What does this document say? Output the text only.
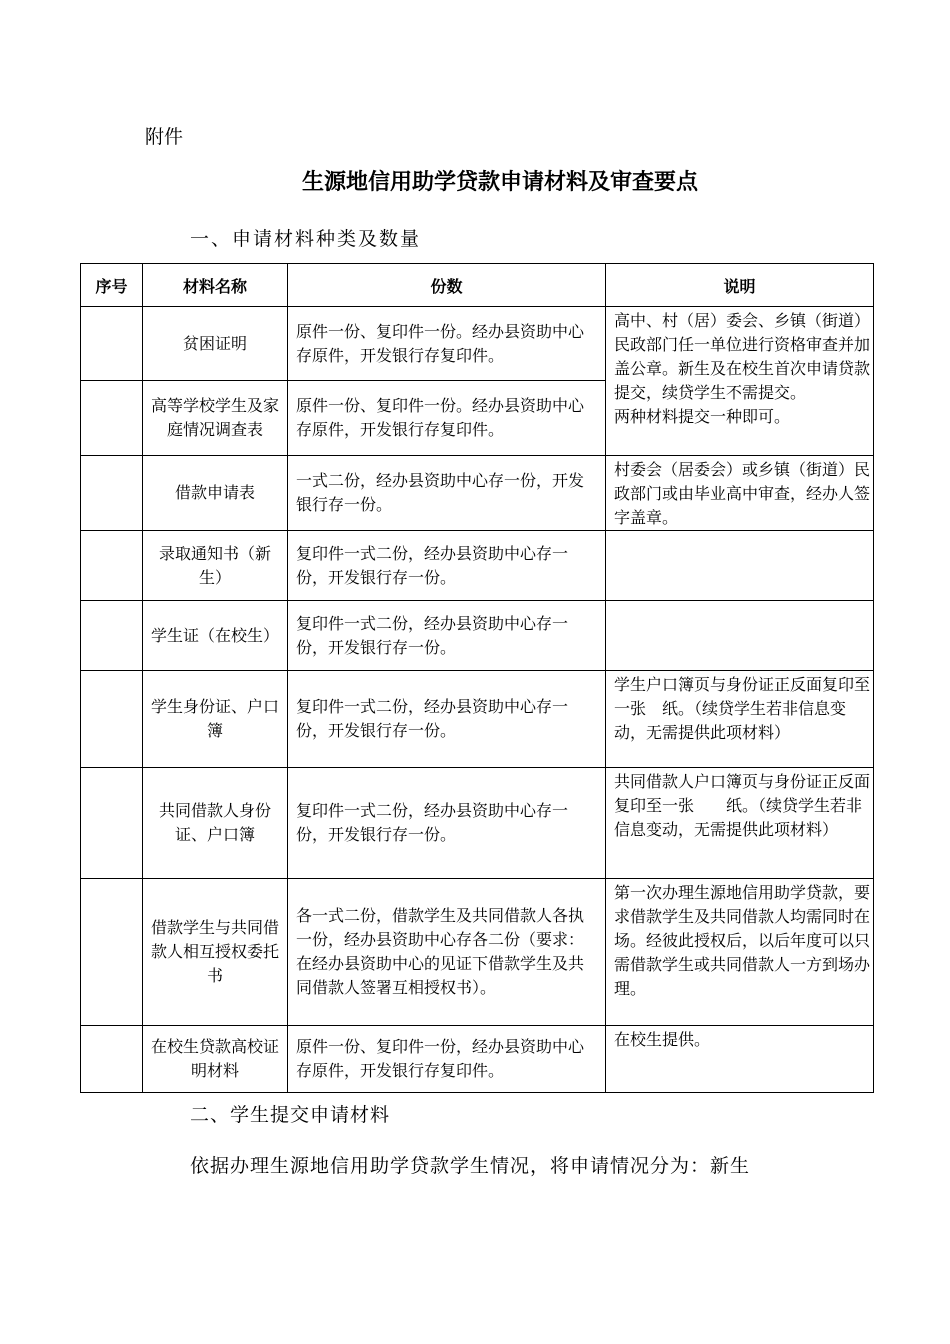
附件
生源地信用助学贷款申请材料及审查要点
一、申请材料种类及数量
序号	材料名称	份数	说明
	贫困证明	原件一份、复印件一份。经办县资助中心存原件，开发银行存复印件。	高中、村（居）委会、乡镇（街道）民政部门任一单位进行资格审查并加盖公章。新生及在校生首次申请贷款提交，续贷学生不需提交。
两种材料提交一种即可。
	高等学校学生及家庭情况调查表	原件一份、复印件一份。经办县资助中心存原件，开发银行存复印件。	
	借款申请表	一式二份，经办县资助中心存一份，开发银行存一份。	村委会（居委会）或乡镇（街道）民政部门或由毕业高中审查，经办人签字盖章。
	录取通知书（新生）	复印件一式二份，经办县资助中心存一份，开发银行存一份。	
	学生证（在校生）	复印件一式二份，经办县资助中心存一份，开发银行存一份。	
	学生身份证、户口簿	复印件一式二份，经办县资助中心存一份，开发银行存一份。	学生户口簿页与身份证正反面复印至一张　纸。（续贷学生若非信息变动，无需提供此项材料）
	共同借款人身份证、户口簿	复印件一式二份，经办县资助中心存一份，开发银行存一份。	共同借款人户口簿页与身份证正反面复印至一张　　纸。（续贷学生若非信息变动，无需提供此项材料）
	借款学生与共同借款人相互授权委托书	各一式二份，借款学生及共同借款人各执一份，经办县资助中心存各二份（要求：在经办县资助中心的见证下借款学生及共同借款人签署互相授权书）。	第一次办理生源地信用助学贷款，要求借款学生及共同借款人均需同时在场。经彼此授权后，以后年度可以只需借款学生或共同借款人一方到场办理。
	在校生贷款高校证明材料	原件一份、复印件一份，经办县资助中心存原件，开发银行存复印件。	在校生提供。
二、学生提交申请材料
依据办理生源地信用助学贷款学生情况，将申请情况分为：新生
